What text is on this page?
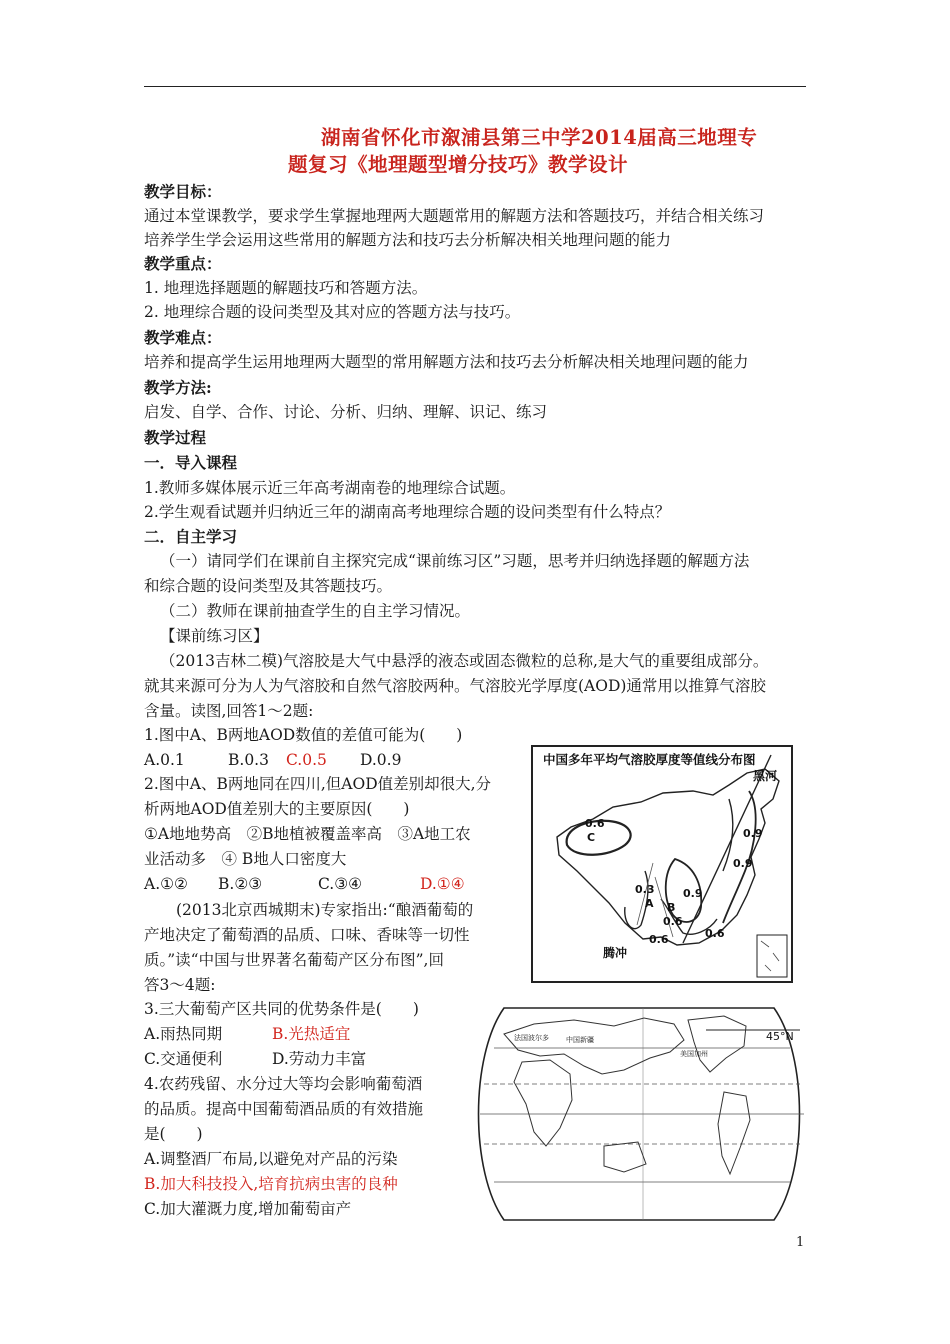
湖南省怀化市溆浦县第三中学2014届高三地理专
题复习《地理题型增分技巧》教学设计
教学目标：
通过本堂课教学，要求学生掌握地理两大题题常用的解题方法和答题技巧，并结合相关练习
培养学生学会运用这些常用的解题方法和技巧去分析解决相关地理问题的能力
教学重点：
1. 地理选择题题的解题技巧和答题方法。
2. 地理综合题的设问类型及其对应的答题方法与技巧。
教学难点：
培养和提高学生运用地理两大题型的常用解题方法和技巧去分析解决相关地理问题的能力
教学方法:
启发、自学、合作、讨论、分析、归纳、理解、识记、练习
教学过程
一．导入课程
1.教师多媒体展示近三年高考湖南卷的地理综合试题。
2.学生观看试题并归纳近三年的湖南高考地理综合题的设问类型有什么特点？
二．自主学习
（一）请同学们在课前自主探究完成“课前练习区”习题，思考并归纳选择题的解题方法
和综合题的设问类型及其答题技巧。
（二）教师在课前抽查学生的自主学习情况。
【课前练习区】
（2013吉林二模)气溶胶是大气中悬浮的液态或固态微粒的总称,是大气的重要组成部分。
就其来源可分为人为气溶胶和自然气溶胶两种。气溶胶光学厚度(AOD)通常用以推算气溶胶
含量。读图,回答1～2题:
1.图中A、B两地AOD数值的差值可能为(　　)
A.0.1	B.0.3 C.0.5 D.0.9
2.图中A、B两地同在四川,但AOD值差别却很大,分
析两地AOD值差别大的主要原因(　　)
①A地地势高　②B地植被覆盖率高　③A地工农
业活动多　④ B地人口密度大
A.①② B.②③	C.③④	D.①④
(2013北京西城期末)专家指出:“酿酒葡萄的
产地决定了葡萄酒的品质、口味、香味等一切性
质。”读“中国与世界著名葡萄产区分布图”,回
答3～4题:
3.三大葡萄产区共同的优势条件是(　　)
A.雨热同期	B.光热适宜
C.交通便利	D.劳动力丰富
4.农药残留、水分过大等均会影响葡萄酒
的品质。提高中国葡萄酒品质的有效措施
是(　　)
A.调整酒厂布局,以避免对产品的污染
B.加大科技投入,培育抗病虫害的良种
C.加大灌溉力度,增加葡萄亩产
中国多年平均气溶胶厚度等值线分布图
黑河
腾冲
C
0.6
0.3
A B
0.9
0.9
0.9
0.6
0.6	0.6
法国波尔多 中国新疆
美国加州
45°N
1
